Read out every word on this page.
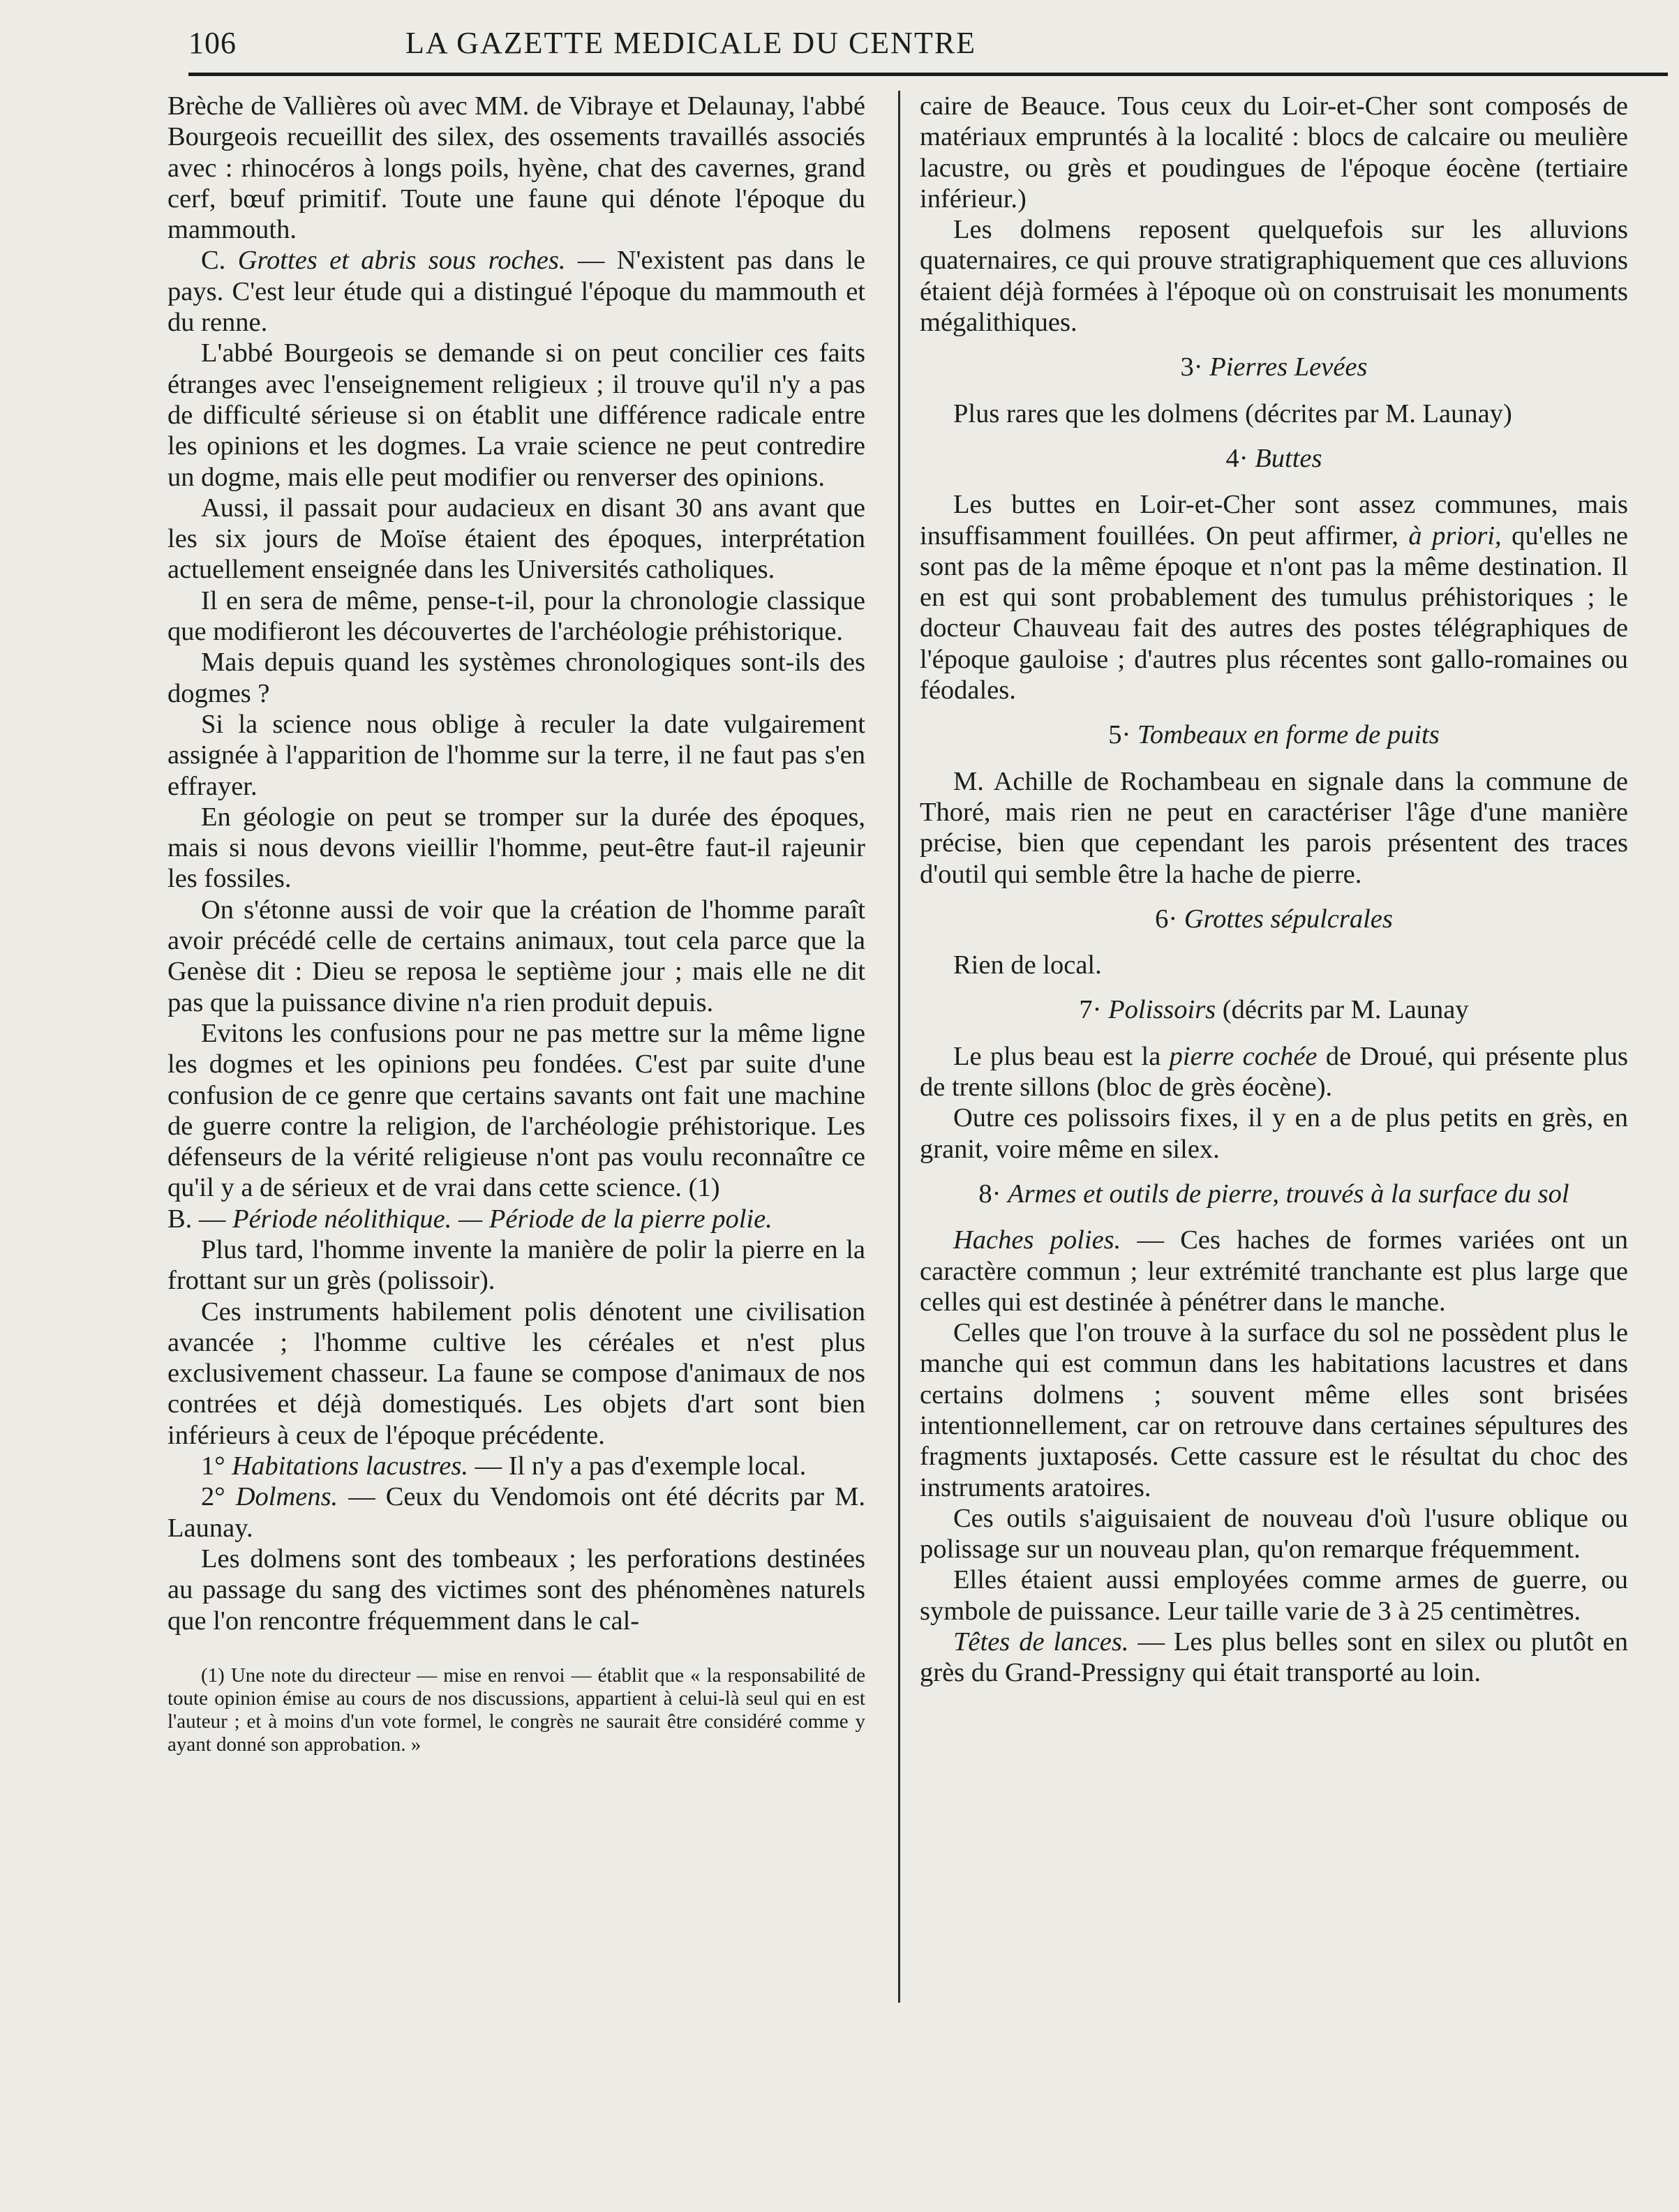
106	LA GAZETTE MEDICALE DU CENTRE

Brèche de Vallières où avec MM. de Vibraye et Delaunay, l'abbé Bourgeois recueillit des silex, des ossements travaillés associés avec : rhinocéros à longs poils, hyène, chat des cavernes, grand cerf, bœuf primitif. Toute une faune qui dénote l'époque du mammouth.

C. Grottes et abris sous roches. — N'existent pas dans le pays. C'est leur étude qui a distingué l'époque du mammouth et du renne.

L'abbé Bourgeois se demande si on peut concilier ces faits étranges avec l'enseignement religieux ; il trouve qu'il n'y a pas de difficulté sérieuse si on établit une différence radicale entre les opinions et les dogmes. La vraie science ne peut contredire un dogme, mais elle peut modifier ou renverser des opinions.

Aussi, il passait pour audacieux en disant 30 ans avant que les six jours de Moïse étaient des époques, interprétation actuellement enseignée dans les Universités catholiques.

Il en sera de même, pense-t-il, pour la chronologie classique que modifieront les découvertes de l'archéologie préhistorique.

Mais depuis quand les systèmes chronologiques sont-ils des dogmes ?

Si la science nous oblige à reculer la date vulgairement assignée à l'apparition de l'homme sur la terre, il ne faut pas s'en effrayer.

En géologie on peut se tromper sur la durée des époques, mais si nous devons vieillir l'homme, peut-être faut-il rajeunir les fossiles.

On s'étonne aussi de voir que la création de l'homme paraît avoir précédé celle de certains animaux, tout cela parce que la Genèse dit : Dieu se reposa le septième jour ; mais elle ne dit pas que la puissance divine n'a rien produit depuis.

Evitons les confusions pour ne pas mettre sur la même ligne les dogmes et les opinions peu fondées. C'est par suite d'une confusion de ce genre que certains savants ont fait une machine de guerre contre la religion, de l'archéologie préhistorique. Les défenseurs de la vérité religieuse n'ont pas voulu reconnaître ce qu'il y a de sérieux et de vrai dans cette science. (1)

B. — Période néolithique. — Période de la pierre polie.

Plus tard, l'homme invente la manière de polir la pierre en la frottant sur un grès (polissoir).

Ces instruments habilement polis dénotent une civilisation avancée ; l'homme cultive les céréales et n'est plus exclusivement chasseur. La faune se compose d'animaux de nos contrées et déjà domestiqués. Les objets d'art sont bien inférieurs à ceux de l'époque précédente.

1° Habitations lacustres. — Il n'y a pas d'exemple local.

2° Dolmens. — Ceux du Vendomois ont été décrits par M. Launay.

Les dolmens sont des tombeaux ; les perforations destinées au passage du sang des victimes sont des phénomènes naturels que l'on rencontre fréquemment dans le cal-

(1) Une note du directeur — mise en renvoi — établit que « la responsabilité de toute opinion émise au cours de nos discussions, appartient à celui-là seul qui en est l'auteur ; et à moins d'un vote formel, le congrès ne saurait être considéré comme y ayant donné son approbation. »

caire de Beauce. Tous ceux du Loir-et-Cher sont composés de matériaux empruntés à la localité : blocs de calcaire ou meulière lacustre, ou grès et poudingues de l'époque éocène (tertiaire inférieur.)

Les dolmens reposent quelquefois sur les alluvions quaternaires, ce qui prouve stratigraphiquement que ces alluvions étaient déjà formées à l'époque où on construisait les monuments mégalithiques.

3· Pierres Levées

Plus rares que les dolmens (décrites par M. Launay)

4· Buttes

Les buttes en Loir-et-Cher sont assez communes, mais insuffisamment fouillées. On peut affirmer, à priori, qu'elles ne sont pas de la même époque et n'ont pas la même destination. Il en est qui sont probablement des tumulus préhistoriques ; le docteur Chauveau fait des autres des postes télégraphiques de l'époque gauloise ; d'autres plus récentes sont gallo-romaines ou féodales.

5· Tombeaux en forme de puits

M. Achille de Rochambeau en signale dans la commune de Thoré, mais rien ne peut en caractériser l'âge d'une manière précise, bien que cependant les parois présentent des traces d'outil qui semble être la hache de pierre.

6· Grottes sépulcrales

Rien de local.

7· Polissoirs (décrits par M. Launay

Le plus beau est la pierre cochée de Droué, qui présente plus de trente sillons (bloc de grès éocène).

Outre ces polissoirs fixes, il y en a de plus petits en grès, en granit, voire même en silex.

8· Armes et outils de pierre, trouvés à la surface du sol

Haches polies. — Ces haches de formes variées ont un caractère commun ; leur extrémité tranchante est plus large que celles qui est destinée à pénétrer dans le manche.

Celles que l'on trouve à la surface du sol ne possèdent plus le manche qui est commun dans les habitations lacustres et dans certains dolmens ; souvent même elles sont brisées intentionnellement, car on retrouve dans certaines sépultures des fragments juxtaposés. Cette cassure est le résultat du choc des instruments aratoires.

Ces outils s'aiguisaient de nouveau d'où l'usure oblique ou polissage sur un nouveau plan, qu'on remarque fréquemment.

Elles étaient aussi employées comme armes de guerre, ou symbole de puissance. Leur taille varie de 3 à 25 centimètres.

Têtes de lances. — Les plus belles sont en silex ou plutôt en grès du Grand-Pressigny qui était transporté au loin.
